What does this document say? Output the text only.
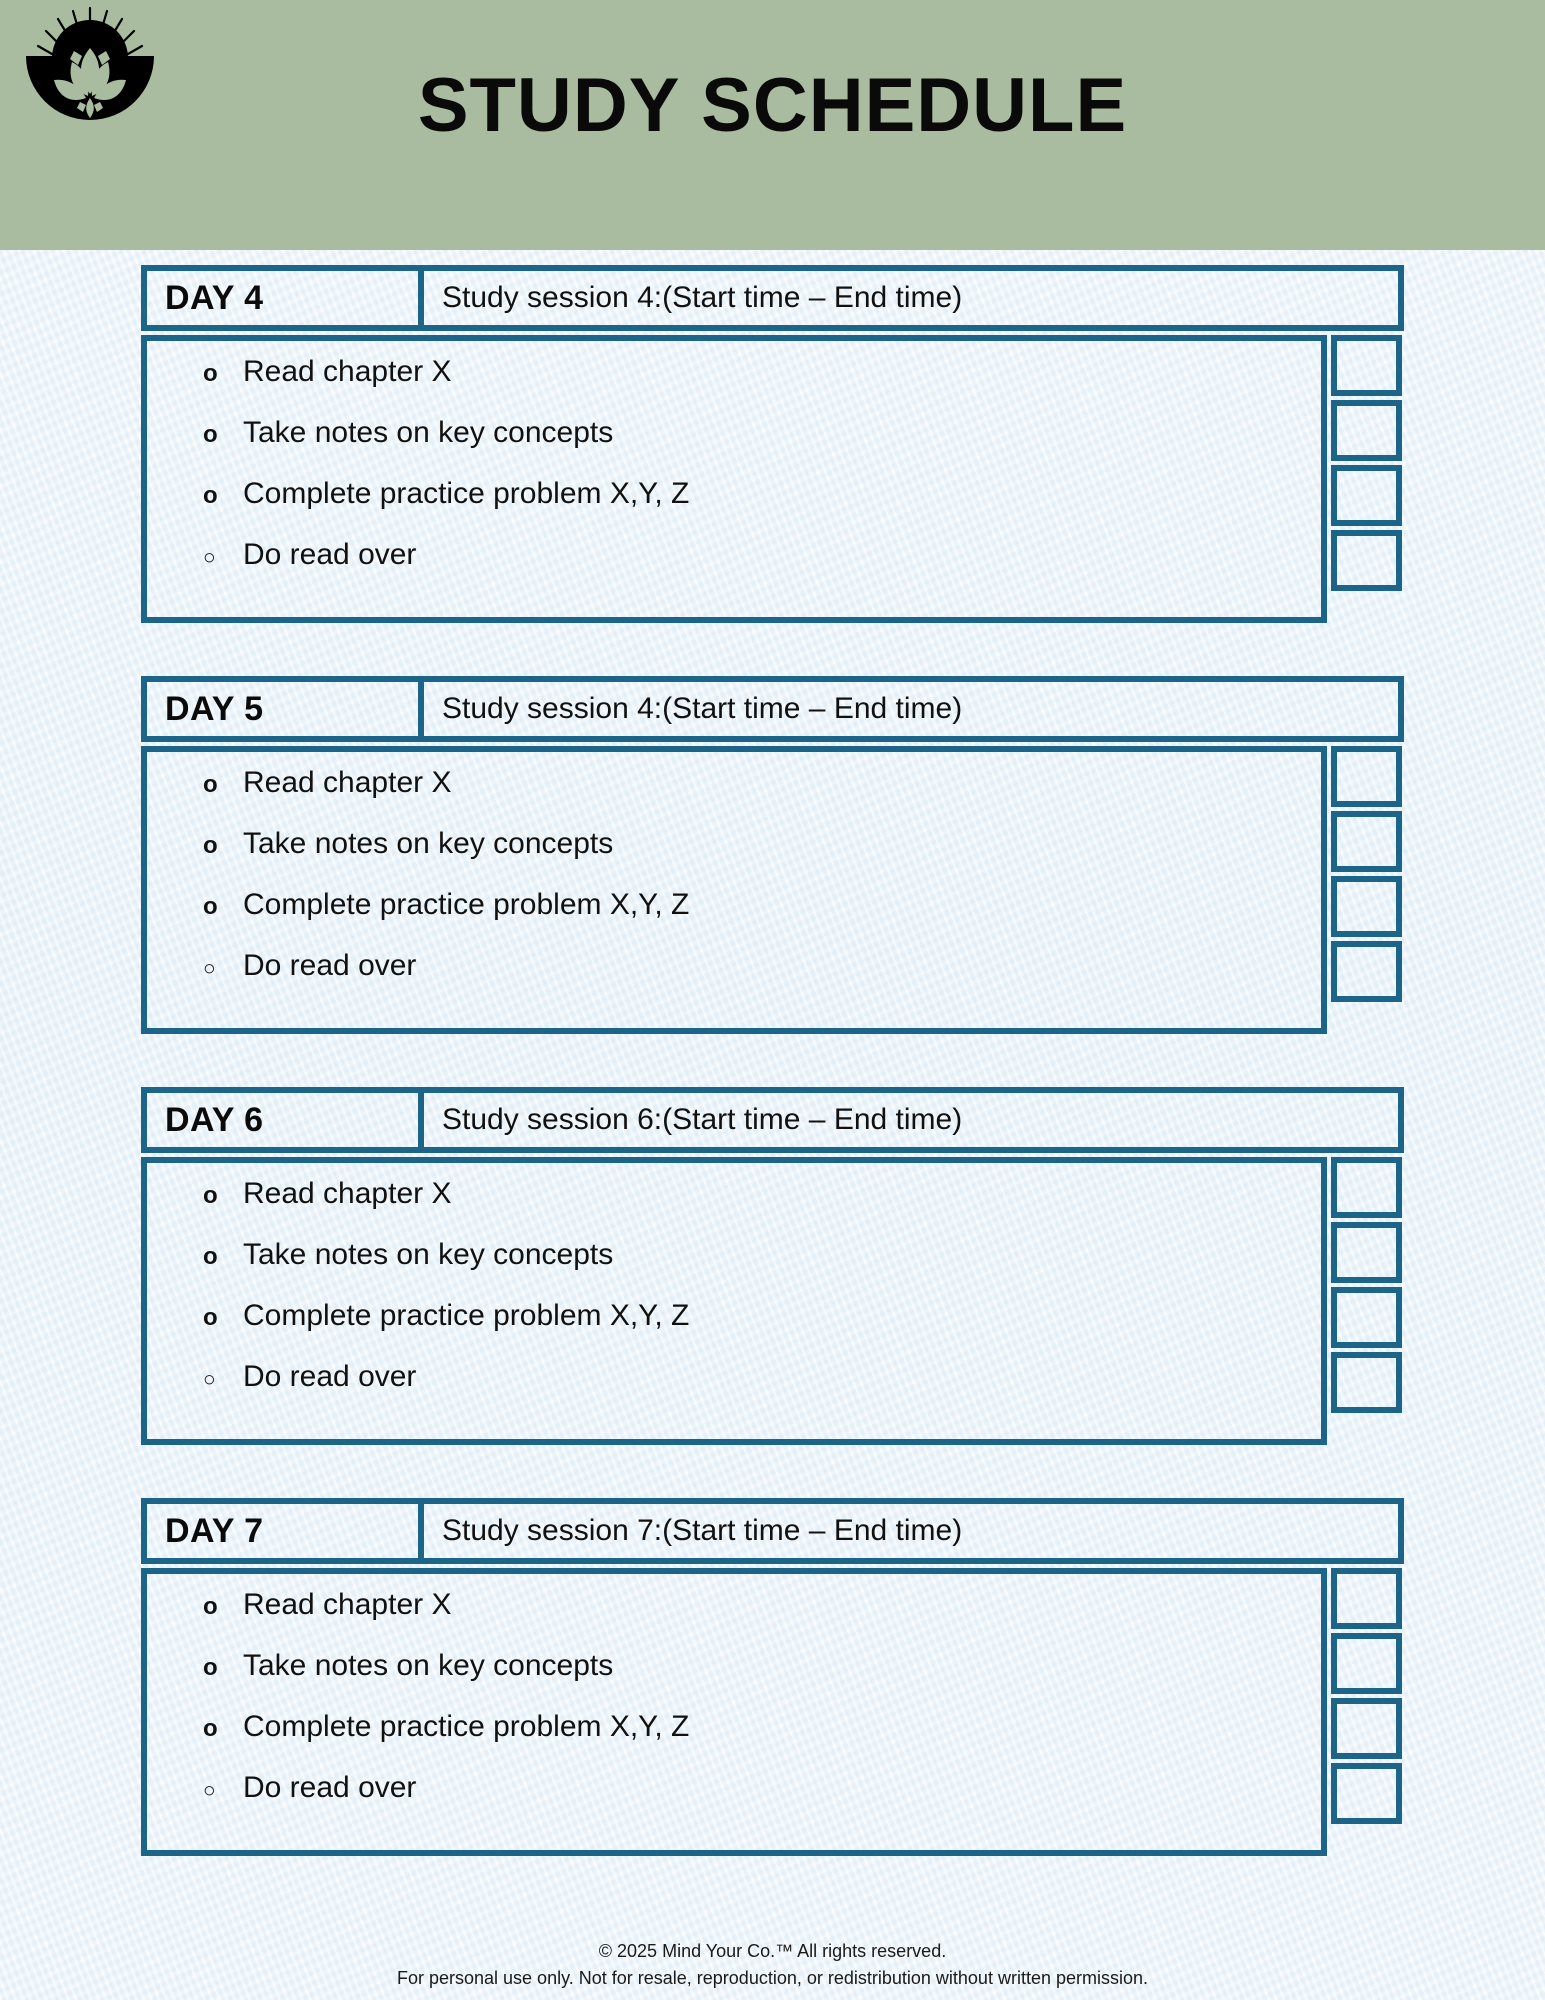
STUDY SCHEDULE
DAY 4	Study session 4:(Start time – End time)
o Read chapter X
o Take notes on key concepts
o Complete practice problem X,Y, Z
○ Do read over
DAY 5	Study session 4:(Start time – End time)
o Read chapter X
o Take notes on key concepts
o Complete practice problem X,Y, Z
○ Do read over
DAY 6	Study session 6:(Start time – End time)
o Read chapter X
o Take notes on key concepts
o Complete practice problem X,Y, Z
○ Do read over
DAY 7	Study session 7:(Start time – End time)
o Read chapter X
o Take notes on key concepts
o Complete practice problem X,Y, Z
○ Do read over
© 2025 Mind Your Co.™ All rights reserved.
For personal use only. Not for resale, reproduction, or redistribution without written permission.
